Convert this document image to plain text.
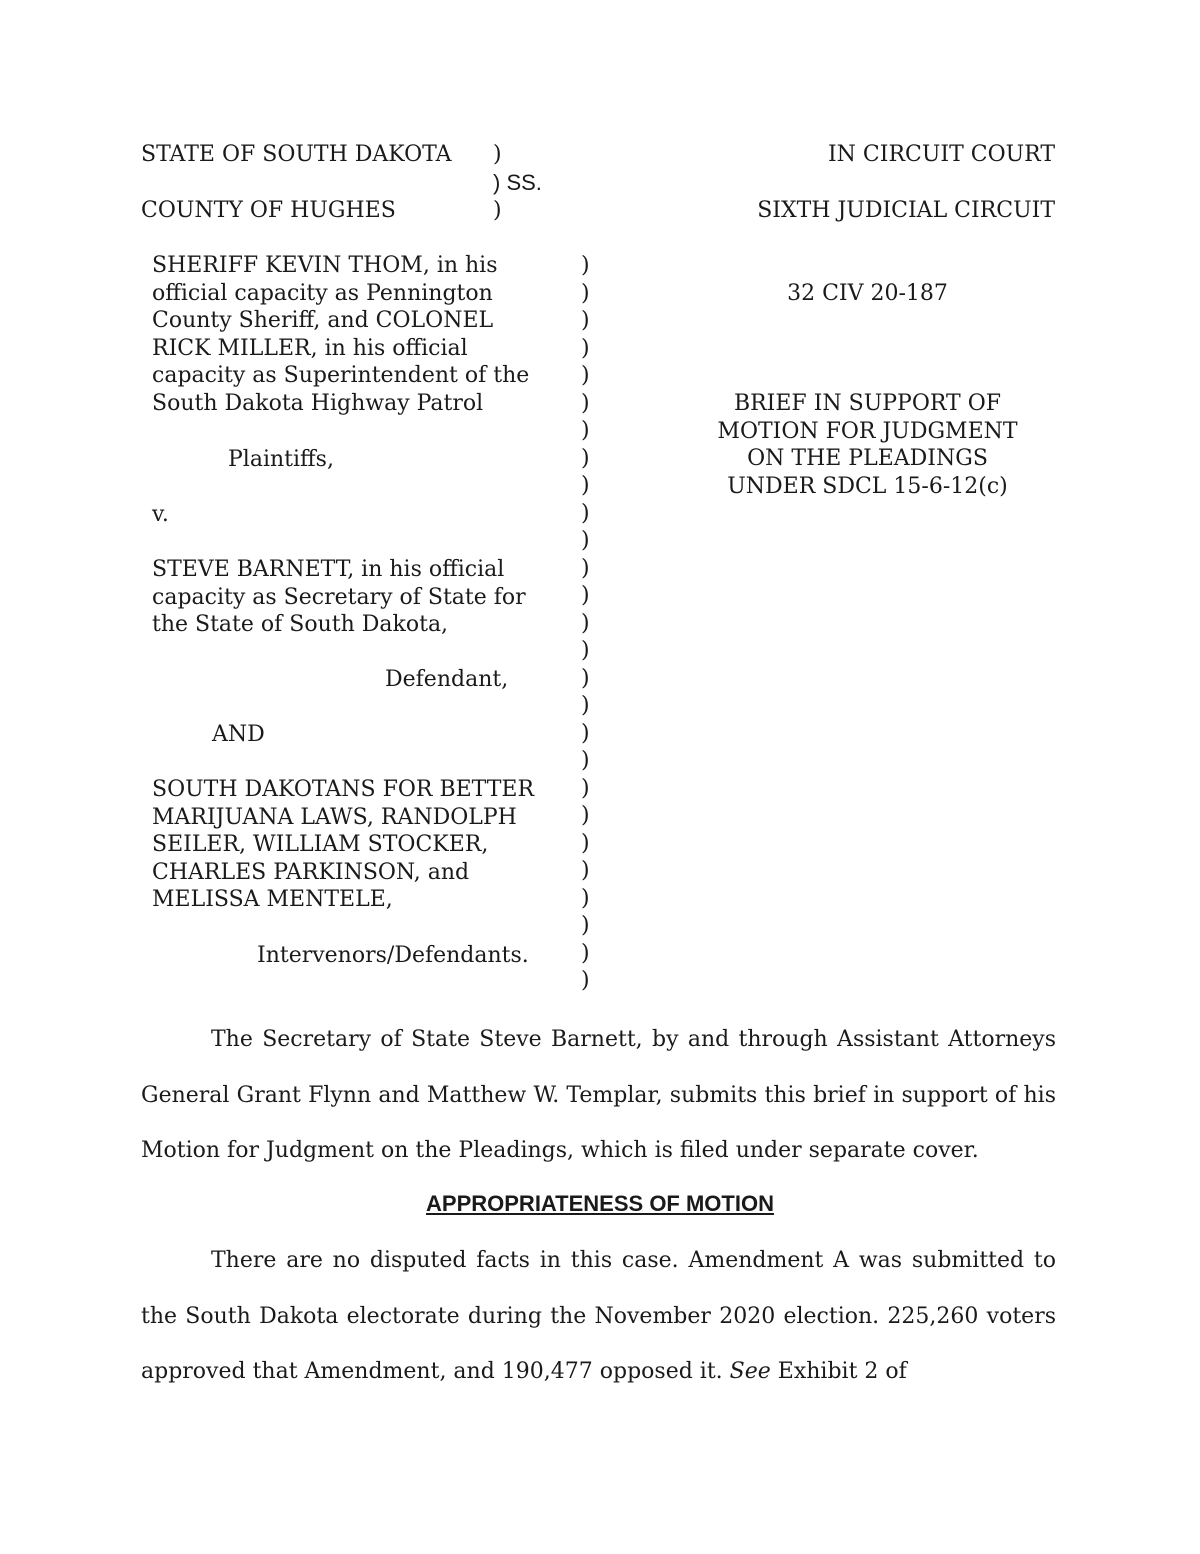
STATE OF SOUTH DAKOTA )
) SS.
COUNTY OF HUGHES	)
IN CIRCUIT COURT
SIXTH JUDICIAL CIRCUIT
SHERIFF KEVIN THOM, in his
official capacity as Pennington
County Sheriff, and COLONEL
RICK MILLER, in his official
capacity as Superintendent of the
South Dakota Highway Patrol
Plaintiffs,
v.
STEVE BARNETT, in his official
capacity as Secretary of State for
the State of South Dakota,
Defendant,
AND
SOUTH DAKOTANS FOR BETTER
MARIJUANA LAWS, RANDOLPH
SEILER, WILLIAM STOCKER,
CHARLES PARKINSON, and
MELISSA MENTELE,
Intervenors/Defendants.
)
)
)
)
)
)
)
)
)
)
)
)
)
)
)
)
)
)
)
)
)
)
)
)
)
)
)
32 CIV 20-187
BRIEF IN SUPPORT OF
MOTION FOR JUDGMENT
ON THE PLEADINGS
UNDER SDCL 15-6-12(c)
The Secretary of State Steve Barnett, by and through Assistant Attorneys General Grant Flynn and Matthew W. Templar, submits this brief in support of his Motion for Judgment on the Pleadings, which is filed under separate cover.
APPROPRIATENESS OF MOTION
There are no disputed facts in this case. Amendment A was submitted to the South Dakota electorate during the November 2020 election. 225,260 voters approved that Amendment, and 190,477 opposed it. See Exhibit 2 of
